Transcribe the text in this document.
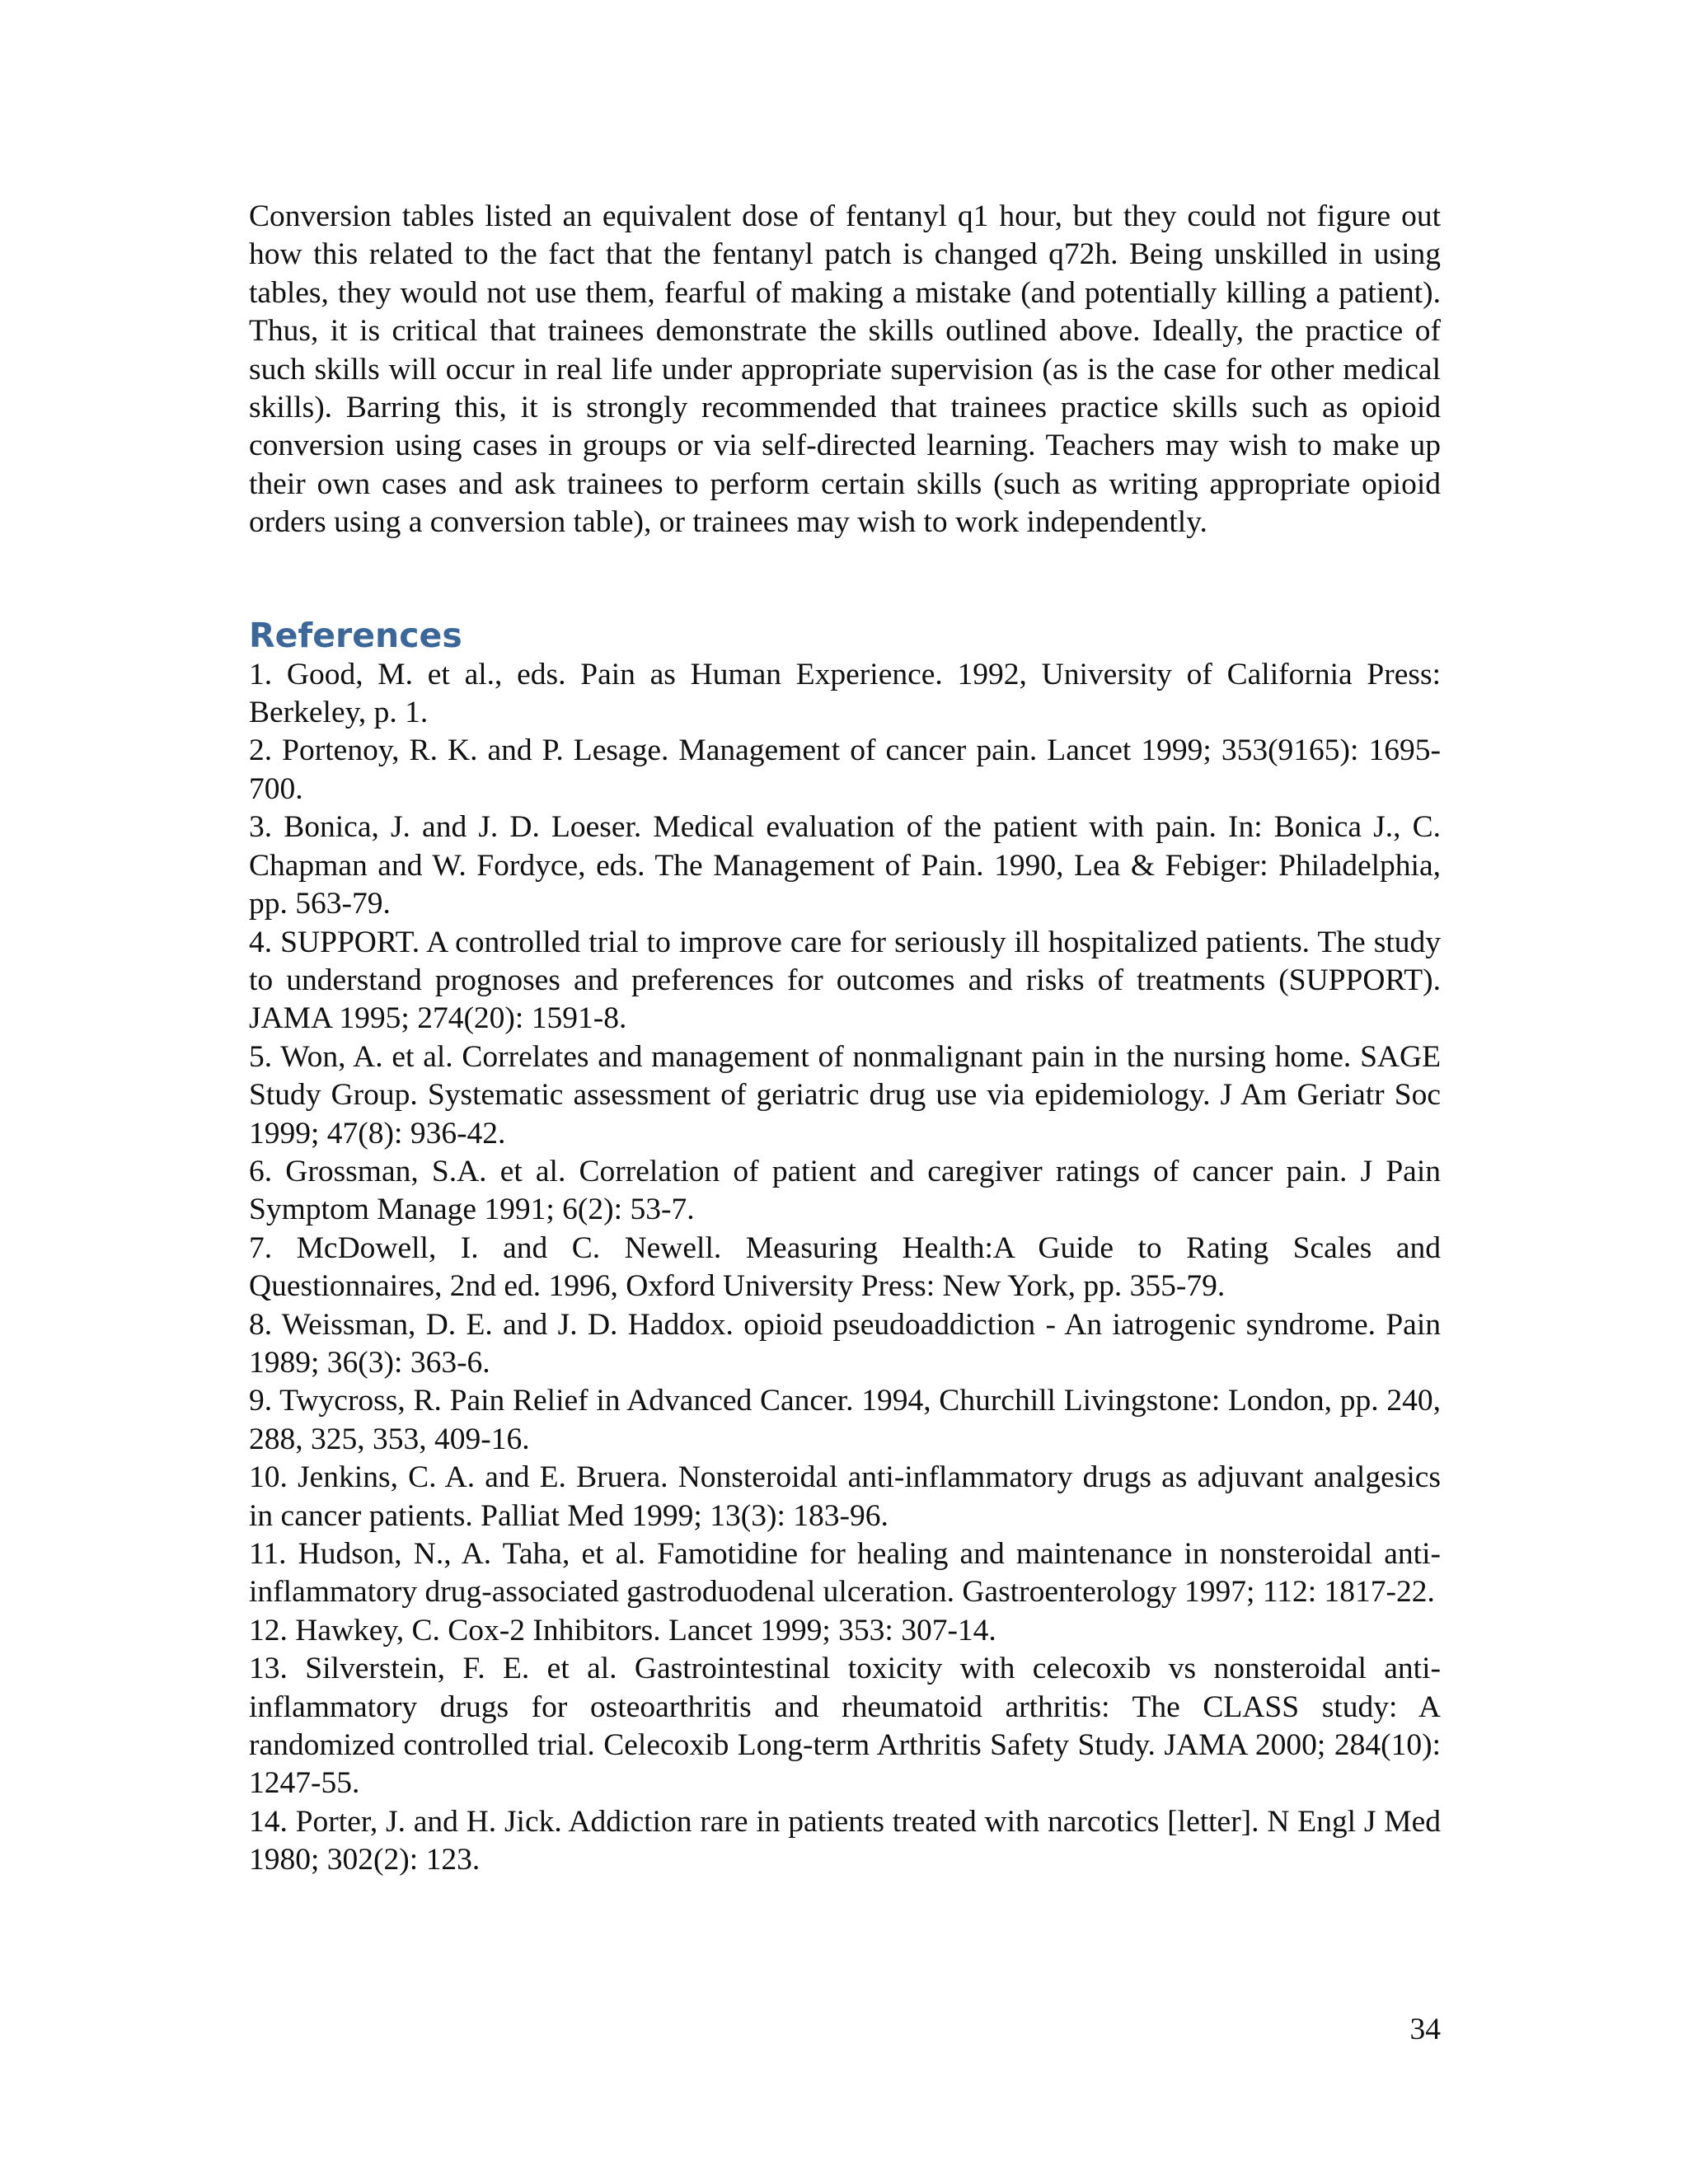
Conversion tables listed an equivalent dose of fentanyl q1 hour, but they could not figure out how this related to the fact that the fentanyl patch is changed q72h. Being unskilled in using tables, they would not use them, fearful of making a mistake (and potentially killing a patient). Thus, it is critical that trainees demonstrate the skills outlined above. Ideally, the practice of such skills will occur in real life under appropriate supervision (as is the case for other medical skills). Barring this, it is strongly recommended that trainees practice skills such as opioid conversion using cases in groups or via self-directed learning. Teachers may wish to make up their own cases and ask trainees to perform certain skills (such as writing appropriate opioid orders using a conversion table), or trainees may wish to work independently.

References
1. Good, M. et al., eds. Pain as Human Experience. 1992, University of California Press: Berkeley, p. 1.
2. Portenoy, R. K. and P. Lesage. Management of cancer pain. Lancet 1999; 353(9165): 1695-700.
3. Bonica, J. and J. D. Loeser. Medical evaluation of the patient with pain. In: Bonica J., C. Chapman and W. Fordyce, eds. The Management of Pain. 1990, Lea & Febiger: Philadelphia, pp. 563-79.
4. SUPPORT. A controlled trial to improve care for seriously ill hospitalized patients. The study to understand prognoses and preferences for outcomes and risks of treatments (SUPPORT). JAMA 1995; 274(20): 1591-8.
5. Won, A. et al. Correlates and management of nonmalignant pain in the nursing home. SAGE Study Group. Systematic assessment of geriatric drug use via epidemiology. J Am Geriatr Soc 1999; 47(8): 936-42.
6. Grossman, S.A. et al. Correlation of patient and caregiver ratings of cancer pain. J Pain Symptom Manage 1991; 6(2): 53-7.
7. McDowell, I. and C. Newell. Measuring Health:A Guide to Rating Scales and Questionnaires, 2nd ed. 1996, Oxford University Press: New York, pp. 355-79.
8. Weissman, D. E. and J. D. Haddox. opioid pseudoaddiction - An iatrogenic syndrome. Pain 1989; 36(3): 363-6.
9. Twycross, R. Pain Relief in Advanced Cancer. 1994, Churchill Livingstone: London, pp. 240, 288, 325, 353, 409-16.
10. Jenkins, C. A. and E. Bruera. Nonsteroidal anti-inflammatory drugs as adjuvant analgesics in cancer patients. Palliat Med 1999; 13(3): 183-96.
11. Hudson, N., A. Taha, et al. Famotidine for healing and maintenance in nonsteroidal anti-inflammatory drug-associated gastroduodenal ulceration. Gastroenterology 1997; 112: 1817-22.
12. Hawkey, C. Cox-2 Inhibitors. Lancet 1999; 353: 307-14.
13. Silverstein, F. E. et al. Gastrointestinal toxicity with celecoxib vs nonsteroidal anti-inflammatory drugs for osteoarthritis and rheumatoid arthritis: The CLASS study: A randomized controlled trial. Celecoxib Long-term Arthritis Safety Study. JAMA 2000; 284(10): 1247-55.
14. Porter, J. and H. Jick. Addiction rare in patients treated with narcotics [letter]. N Engl J Med 1980; 302(2): 123.
34
